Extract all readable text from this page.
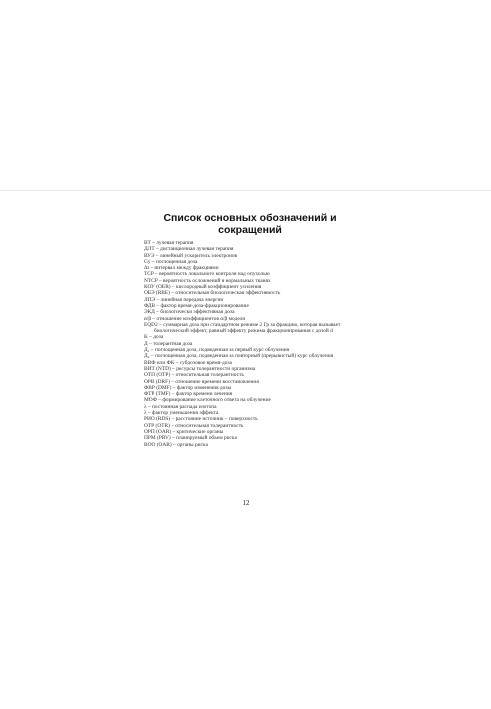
Список основных обозначений и сокращений
ВТ – лучевая терапия
ДЛТ – дистанционная лучевая терапия
ВУЭ – линейный ускоритель электронов
Gy – поглощенная доза
Δt – интервал между фракциями
TCP – вероятность локального контроля над опухолью
NTCP – вероятность осложнений в нормальных тканях
КОУ (OER) – кислородный коэффициент усиления
ОБЭ (RBE) – относительная биологическая эффективность
ЛПЭ – линейная передача энергии
ФДВ – фактор время-доза-фракционирование
ЭКД – биологически эффективная доза
α/β – отношение коэффициентов α/β модели
EQD2 – суммарная доза при стандартном режиме 2 Гр за фракцию, которая вызывает биологический эффект, равный эффекту режима фракционирования с дозой d
K – доза
Д – толерантная доза
Д₁ – поглощенная доза, подведенная за первый курс облучения
Д₂ – поглощенная доза, подведенная за повторный (прерывистый) курс облучения
ВВФ или ФК – субдозовое время-доза
ВИТ (NTD) – ресурсы толерантности организма
ОТП (OTP) – относительная толерантность
ОРВ (DRF) – отношение времени восстановления
ФВР (DMF) – фактор изменения дозы
ФТР (TMF) – фактор времени лечения
МОФ – формирование клеточного ответа на облучение
λ – постоянная распада изотопа
λ – фактор уменьшения эффекта
РИО (RDS) – расстояние источник – поверхность
ОТР (OTR) – относительная толерантность
ОРП (OAR) – критические органы
ПРМ (PRV) – планируемый объем риска
ВОО (OAR) – органы риска
12
